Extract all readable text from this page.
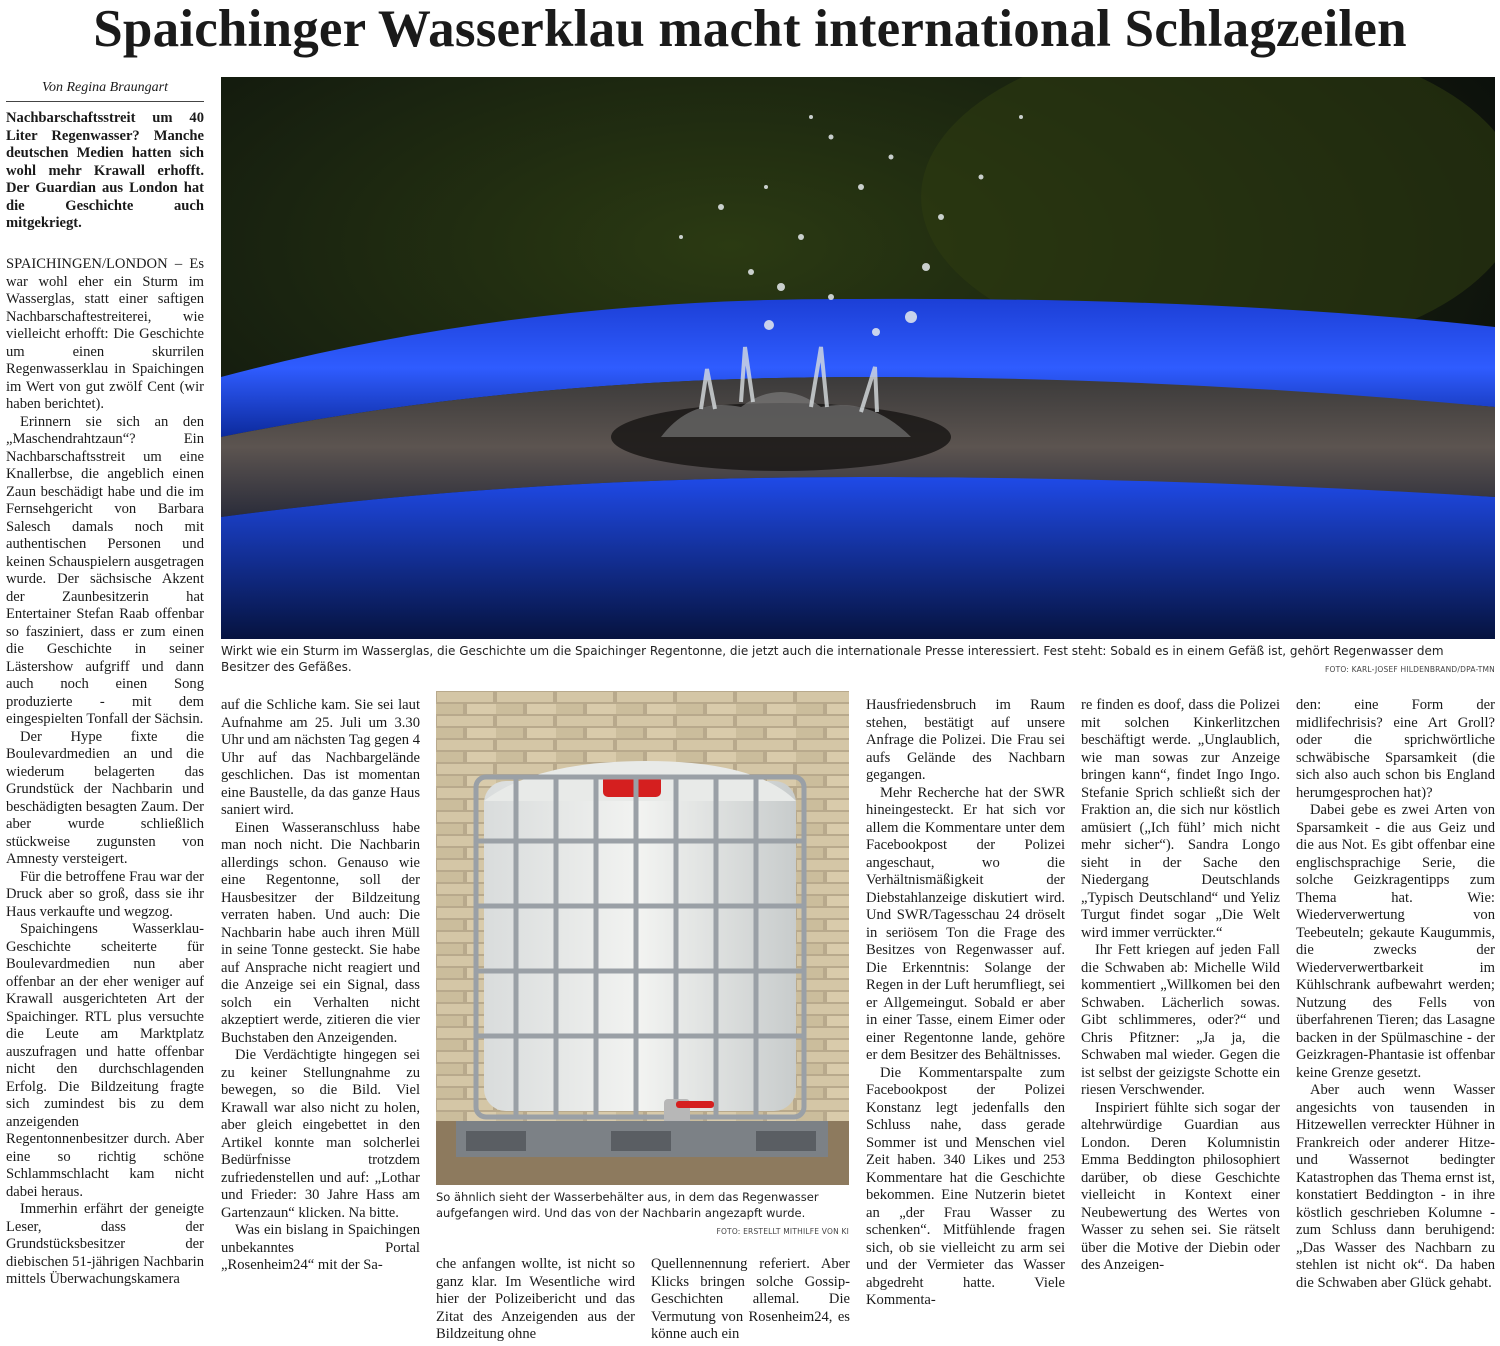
Spaichinger Wasserklau macht international Schlagzeilen
Von Regina Braungart
Nachbarschaftsstreit um 40 Liter Regenwasser? Manche deutschen Medien hatten sich wohl mehr Krawall erhofft. Der Guardian aus London hat die Geschichte auch mitgekriegt.

SPAICHINGEN/LONDON – Es war wohl eher ein Sturm im Wasserglas, statt einer saftigen Nachbarschaftestreiterei, wie vielleicht erhofft: Die Geschichte um einen skurrilen Regenwasserklau in Spaichingen im Wert von gut zwölf Cent (wir haben berichtet).

Erinnern sie sich an den „Maschendrahtzaun“? Ein Nachbarschaftsstreit um eine Knallerbse, die angeblich einen Zaun beschädigt habe und die im Fernsehgericht von Barbara Salesch damals noch mit authentischen Personen und keinen Schauspielern ausgetragen wurde. Der sächsische Akzent der Zaunbesitzerin hat Entertainer Stefan Raab offenbar so fasziniert, dass er zum einen die Geschichte in seiner Lästershow aufgriff und dann auch noch einen Song produzierte - mit dem eingespielten Tonfall der Sächsin.

Der Hype fixte die Boulevardmedien an und die wiederum belagerten das Grundstück der Nachbarin und beschädigten besagten Zaum. Der aber wurde schließlich stückweise zugunsten von Amnesty versteigert.

Für die betroffene Frau war der Druck aber so groß, dass sie ihr Haus verkaufte und wegzog.

Spaichingens Wasserklau-Geschichte scheiterte für Boulevardmedien nun aber offenbar an der eher weniger auf Krawall ausgerichteten Art der Spaichinger. RTL plus versuchte die Leute am Marktplatz auszufragen und hatte offenbar nicht den durchschlagenden Erfolg. Die Bildzeitung fragte sich zumindest bis zu dem anzeigenden Regentonnenbesitzer durch. Aber eine so richtig schöne Schlammschlacht kam nicht dabei heraus.

Immerhin erfährt der geneigte Leser, dass der Grundstücksbesitzer der diebischen 51-jährigen Nachbarin mittels Überwachungskamera

Wirkt wie ein Sturm im Wasserglas, die Geschichte um die Spaichinger Regentonne, die jetzt auch die internationale Presse interessiert. Fest steht: Sobald es in einem Gefäß ist, gehört Regenwasser dem Besitzer des Gefäßes.	FOTO: KARL-JOSEF HILDENBRAND/DPA-TMN

auf die Schliche kam. Sie sei laut Aufnahme am 25. Juli um 3.30 Uhr und am nächsten Tag gegen 4 Uhr auf das Nachbargelände geschlichen. Das ist momentan eine Baustelle, da das ganze Haus saniert wird.

Einen Wasseranschluss habe man noch nicht. Die Nachbarin allerdings schon. Genauso wie eine Regentonne, soll der Hausbesitzer der Bildzeitung verraten haben. Und auch: Die Nachbarin habe auch ihren Müll in seine Tonne gesteckt. Sie habe auf Ansprache nicht reagiert und die Anzeige sei ein Signal, dass solch ein Verhalten nicht akzeptiert werde, zitieren die vier Buchstaben den Anzeigenden.

Die Verdächtigte hingegen sei zu keiner Stellungnahme zu bewegen, so die Bild. Viel Krawall war also nicht zu holen, aber gleich eingebettet in den Artikel konnte man solcherlei Bedürfnisse trotzdem zufriedenstellen und auf: „Lothar und Frieder: 30 Jahre Hass am Gartenzaun“ klicken. Na bitte.

Was ein bislang in Spaichingen unbekanntes Portal „Rosenheim24“ mit der Sa-

So ähnlich sieht der Wasserbehälter aus, in dem das Regenwasser aufgefangen wird. Und das von der Nachbarin angezapft wurde.
FOTO: ERSTELLT MITHILFE VON KI

che anfangen wollte, ist nicht so ganz klar. Im Wesentliche wird hier der Polizeibericht und das Zitat des Anzeigenden aus der Bildzeitung ohne

Quellennennung referiert. Aber Klicks bringen solche Gossip-Geschichten allemal. Die Vermutung von Rosenheim24, es könne auch ein

Hausfriedensbruch im Raum stehen, bestätigt auf unsere Anfrage die Polizei. Die Frau sei aufs Gelände des Nachbarn gegangen.

Mehr Recherche hat der SWR hineingesteckt. Er hat sich vor allem die Kommentare unter dem Facebookpost der Polizei angeschaut, wo die Verhältnismäßigkeit der Diebstahlanzeige diskutiert wird. Und SWR/Tagesschau 24 dröselt in seriösem Ton die Frage des Besitzes von Regenwasser auf. Die Erkenntnis: Solange der Regen in der Luft herumfliegt, sei er Allgemeingut. Sobald er aber in einer Tasse, einem Eimer oder einer Regentonne lande, gehöre er dem Besitzer des Behältnisses.

Die Kommentarspalte zum Facebookpost der Polizei Konstanz legt jedenfalls den Schluss nahe, dass gerade Sommer ist und Menschen viel Zeit haben. 340 Likes und 253 Kommentare hat die Geschichte bekommen. Eine Nutzerin bietet an „der Frau Wasser zu schenken“. Mitfühlende fragen sich, ob sie vielleicht zu arm sei und der Vermieter das Wasser abgedreht hatte. Viele Kommenta-

re finden es doof, dass die Polizei mit solchen Kinkerlitzchen beschäftigt werde. „Unglaublich, wie man sowas zur Anzeige bringen kann“, findet Ingo Ingo. Stefanie Sprich schließt sich der Fraktion an, die sich nur köstlich amüsiert („Ich fühl’ mich nicht mehr sicher“). Sandra Longo sieht in der Sache den Niedergang Deutschlands „Typisch Deutschland“ und Yeliz Turgut findet sogar „Die Welt wird immer verrückter.“

Ihr Fett kriegen auf jeden Fall die Schwaben ab: Michelle Wild kommentiert „Willkomen bei den Schwaben. Lächerlich sowas. Gibt schlimmeres, oder?“ und Chris Pfitzner: „Ja ja, die Schwaben mal wieder. Gegen die ist selbst der geizigste Schotte ein riesen Verschwender.

Inspiriert fühlte sich sogar der altehrwürdige Guardian aus London. Deren Kolumnistin Emma Beddington philosophiert darüber, ob diese Geschichte vielleicht in Kontext einer Neubewertung des Wertes von Wasser zu sehen sei. Sie rätselt über die Motive der Diebin oder des Anzeigen-

den: eine Form der midlifechrisis? eine Art Groll? oder die sprichwörtliche schwäbische Sparsamkeit (die sich also auch schon bis England herumgesprochen hat)?

Dabei gebe es zwei Arten von Sparsamkeit - die aus Geiz und die aus Not. Es gibt offenbar eine englischsprachige Serie, die solche Geizkragentipps zum Thema hat. Wie: Wiederverwertung von Teebeuteln; gekaute Kaugummis, die zwecks der Wiederverwertbarkeit im Kühlschrank aufbewahrt werden; Nutzung des Fells von überfahrenen Tieren; das Lasagne backen in der Spülmaschine - der Geizkragen-Phantasie ist offenbar keine Grenze gesetzt.

Aber auch wenn Wasser angesichts von tausenden in Hitzewellen verreckter Hühner in Frankreich oder anderer Hitze- und Wassernot bedingter Katastrophen das Thema ernst ist, konstatiert Beddington - in ihre köstlich geschrieben Kolumne - zum Schluss dann beruhigend: „Das Wasser des Nachbarn zu stehlen ist nicht ok“. Da haben die Schwaben aber Glück gehabt.
